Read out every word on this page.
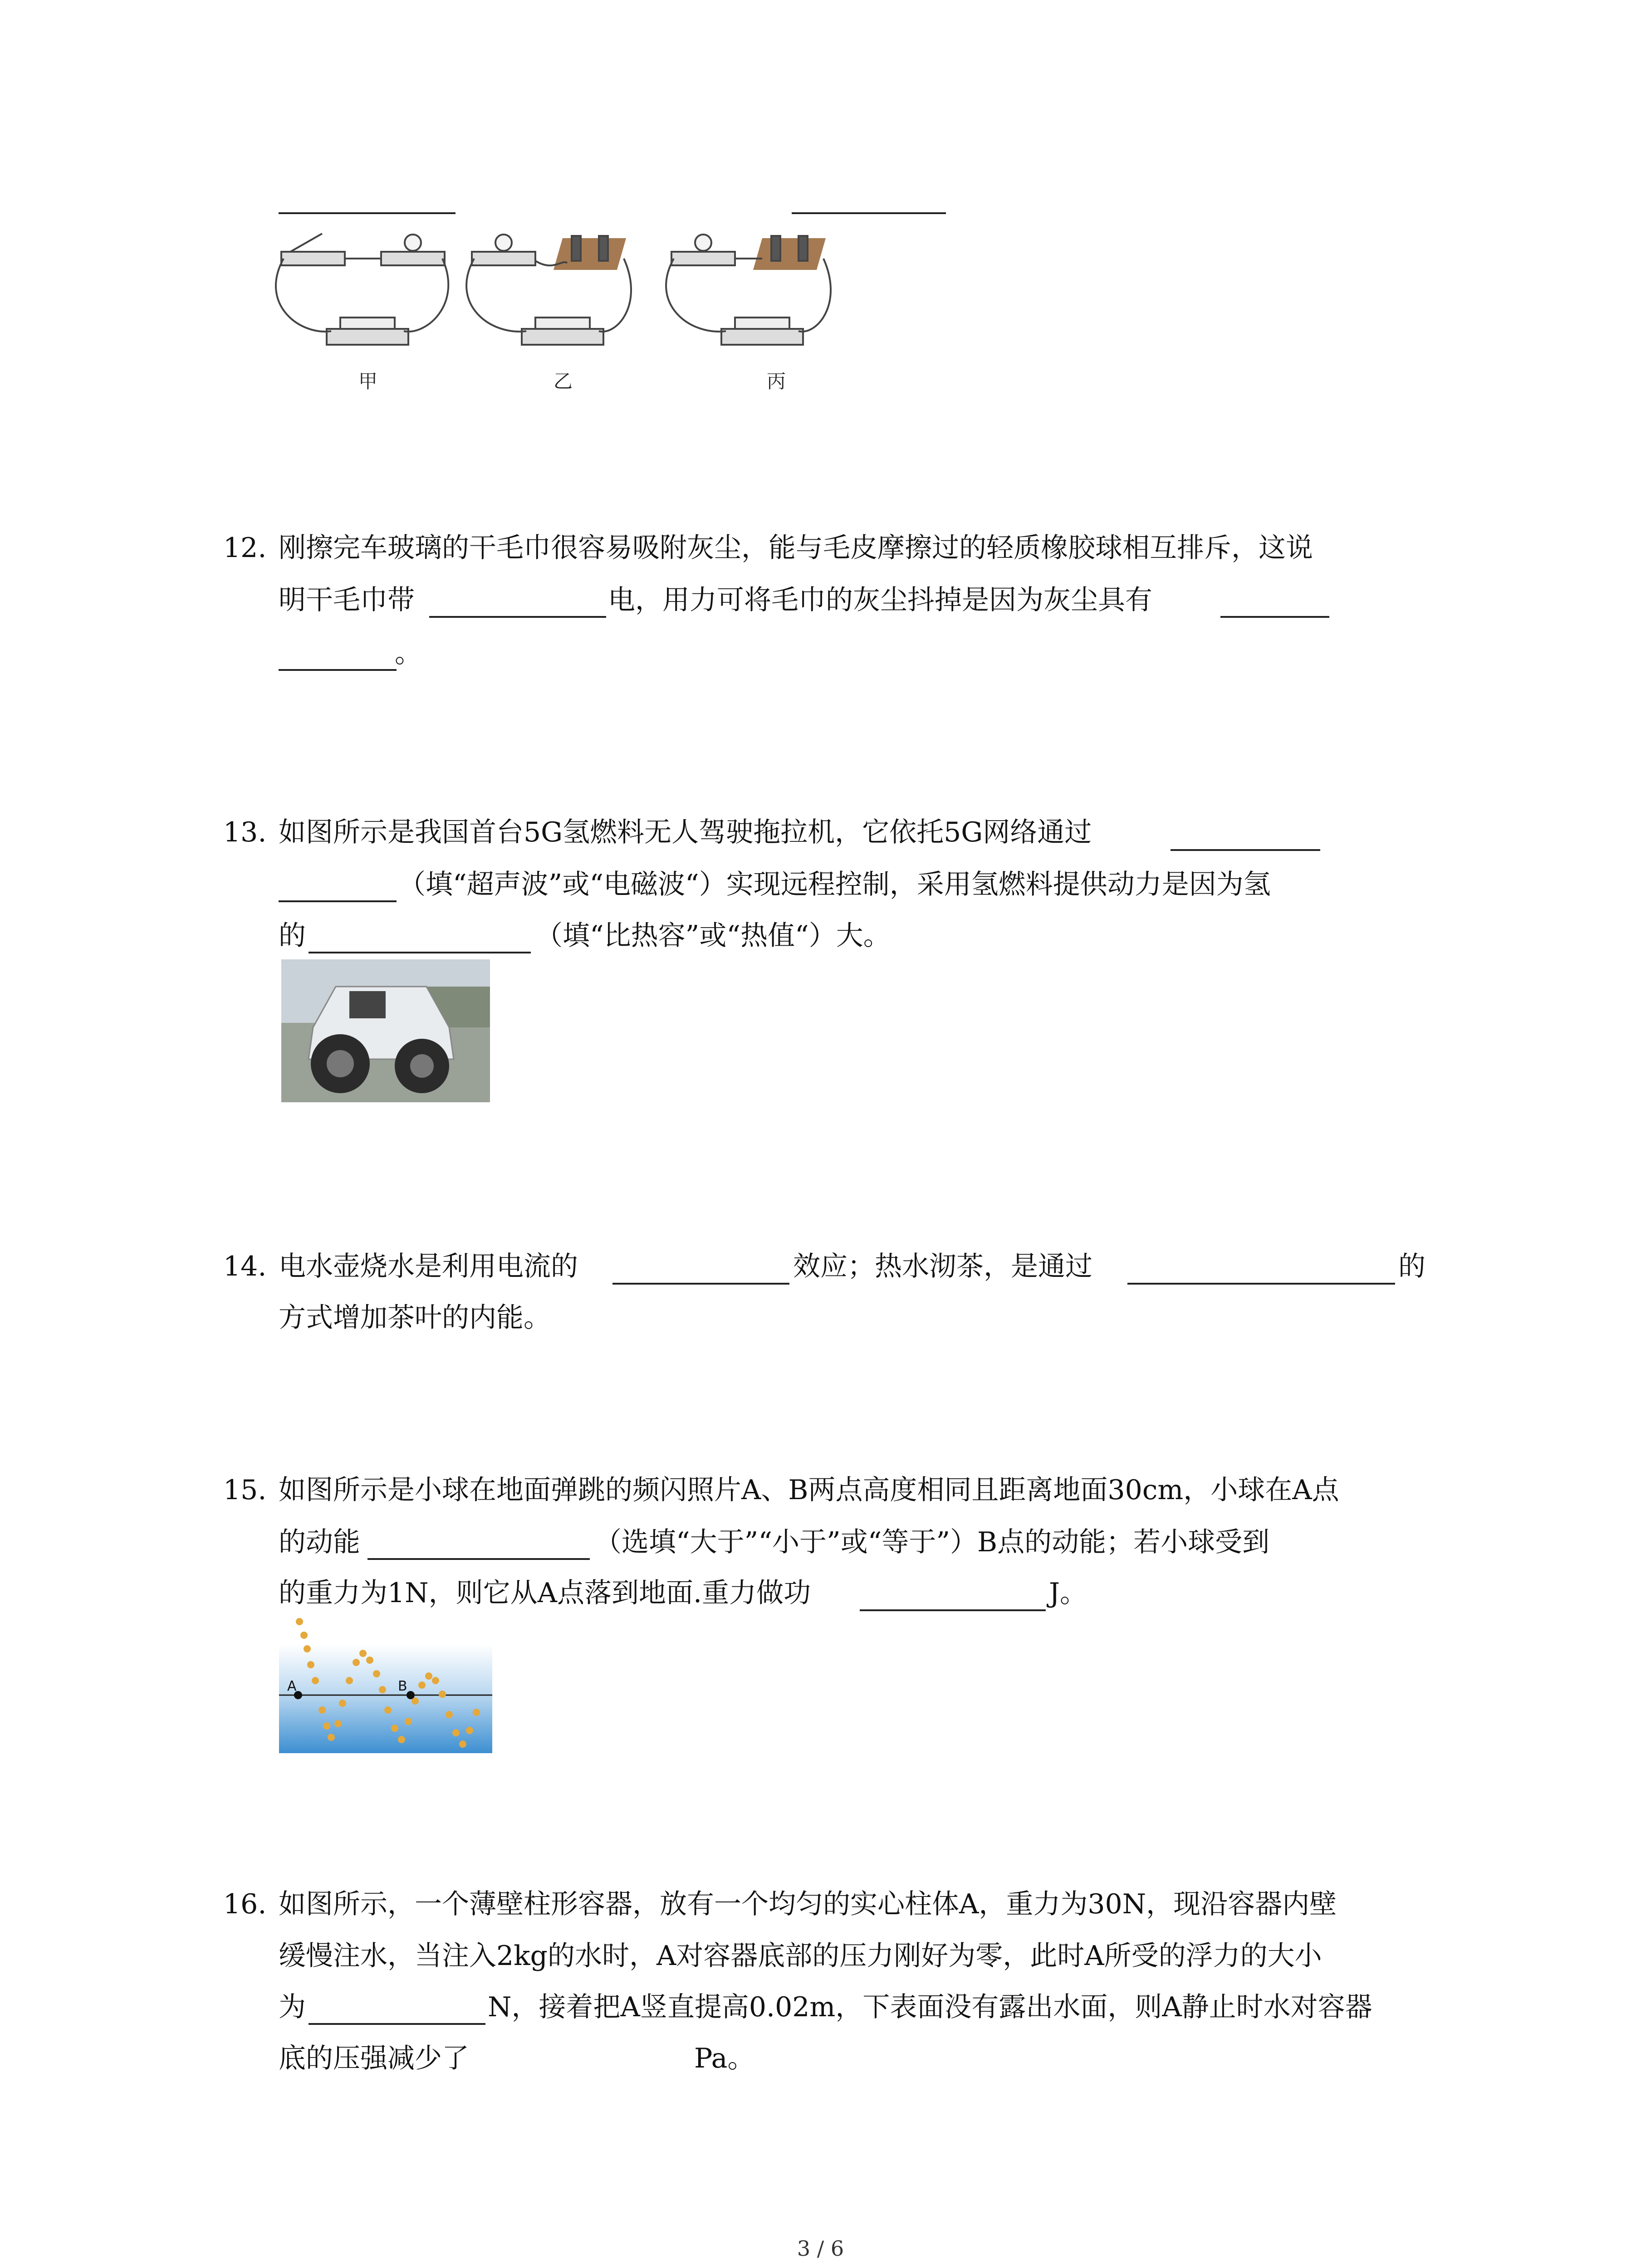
甲	乙	丙
12. 刚擦完车玻璃的干毛巾很容易吸附灰尘，能与毛皮摩擦过的轻质橡胶球相互排斥，这说
明干毛巾带	电，用力可将毛巾的灰尘抖掉是因为灰尘具有
。
13. 如图所示是我国首台5G氢燃料无人驾驶拖拉机，它依托5G网络通过
（填“超声波”或“电磁波“）实现远程控制，采用氢燃料提供动力是因为氢
的	（填“比热容”或“热值“）大。
14. 电水壶烧水是利用电流的	效应；热水沏茶，是通过	的
方式增加茶叶的内能。
15. 如图所示是小球在地面弹跳的频闪照片A、B两点高度相同且距离地面30cm，小球在A点
的动能	（选填“大于”“小于”或“等于”）B点的动能；若小球受到
的重力为1N，则它从A点落到地面.重力做功	J。
A	B
16. 如图所示，一个薄壁柱形容器，放有一个均匀的实心柱体A，重力为30N，现沿容器内壁
缓慢注水，当注入2kg的水时，A对容器底部的压力刚好为零，此时A所受的浮力的大小
为	N，接着把A竖直提高0.02m，下表面没有露出水面，则A静止时水对容器
底的压强减少了	Pa。
3 / 6
